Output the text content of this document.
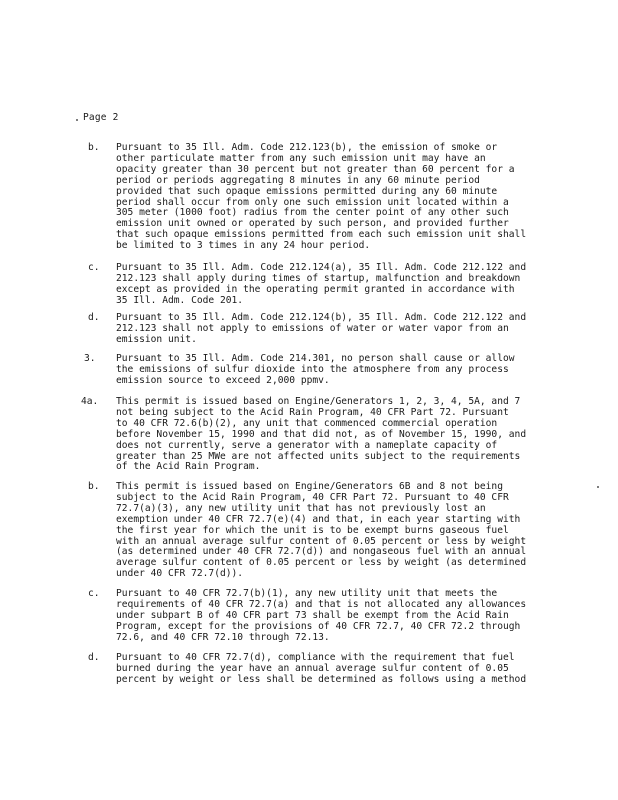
Page 2
b. Pursuant to 35 Ill. Adm. Code 212.123(b), the emission of smoke or
other particulate matter from any such emission unit may have an
opacity greater than 30 percent but not greater than 60 percent for a
period or periods aggregating 8 minutes in any 60 minute period
provided that such opaque emissions permitted during any 60 minute
period shall occur from only one such emission unit located within a
305 meter (1000 foot) radius from the center point of any other such
emission unit owned or operated by such person, and provided further
that such opaque emissions permitted from each such emission unit shall
be limited to 3 times in any 24 hour period.
c. Pursuant to 35 Ill. Adm. Code 212.124(a), 35 Ill. Adm. Code 212.122 and
212.123 shall apply during times of startup, malfunction and breakdown
except as provided in the operating permit granted in accordance with
35 Ill. Adm. Code 201.
d. Pursuant to 35 Ill. Adm. Code 212.124(b), 35 Ill. Adm. Code 212.122 and
212.123 shall not apply to emissions of water or water vapor from an
emission unit.
3. Pursuant to 35 Ill. Adm. Code 214.301, no person shall cause or allow
the emissions of sulfur dioxide into the atmosphere from any process
emission source to exceed 2,000 ppmv.
4a. This permit is issued based on Engine/Generators 1, 2, 3, 4, 5A, and 7
not being subject to the Acid Rain Program, 40 CFR Part 72. Pursuant
to 40 CFR 72.6(b)(2), any unit that commenced commercial operation
before November 15, 1990 and that did not, as of November 15, 1990, and
does not currently, serve a generator with a nameplate capacity of
greater than 25 MWe are not affected units subject to the requirements
of the Acid Rain Program.
b. This permit is issued based on Engine/Generators 6B and 8 not being
subject to the Acid Rain Program, 40 CFR Part 72. Pursuant to 40 CFR
72.7(a)(3), any new utility unit that has not previously lost an
exemption under 40 CFR 72.7(e)(4) and that, in each year starting with
the first year for which the unit is to be exempt burns gaseous fuel
with an annual average sulfur content of 0.05 percent or less by weight
(as determined under 40 CFR 72.7(d)) and nongaseous fuel with an annual
average sulfur content of 0.05 percent or less by weight (as determined
under 40 CFR 72.7(d)).
c. Pursuant to 40 CFR 72.7(b)(1), any new utility unit that meets the
requirements of 40 CFR 72.7(a) and that is not allocated any allowances
under subpart B of 40 CFR part 73 shall be exempt from the Acid Rain
Program, except for the provisions of 40 CFR 72.7, 40 CFR 72.2 through
72.6, and 40 CFR 72.10 through 72.13.
d. Pursuant to 40 CFR 72.7(d), compliance with the requirement that fuel
burned during the year have an annual average sulfur content of 0.05
percent by weight or less shall be determined as follows using a method
